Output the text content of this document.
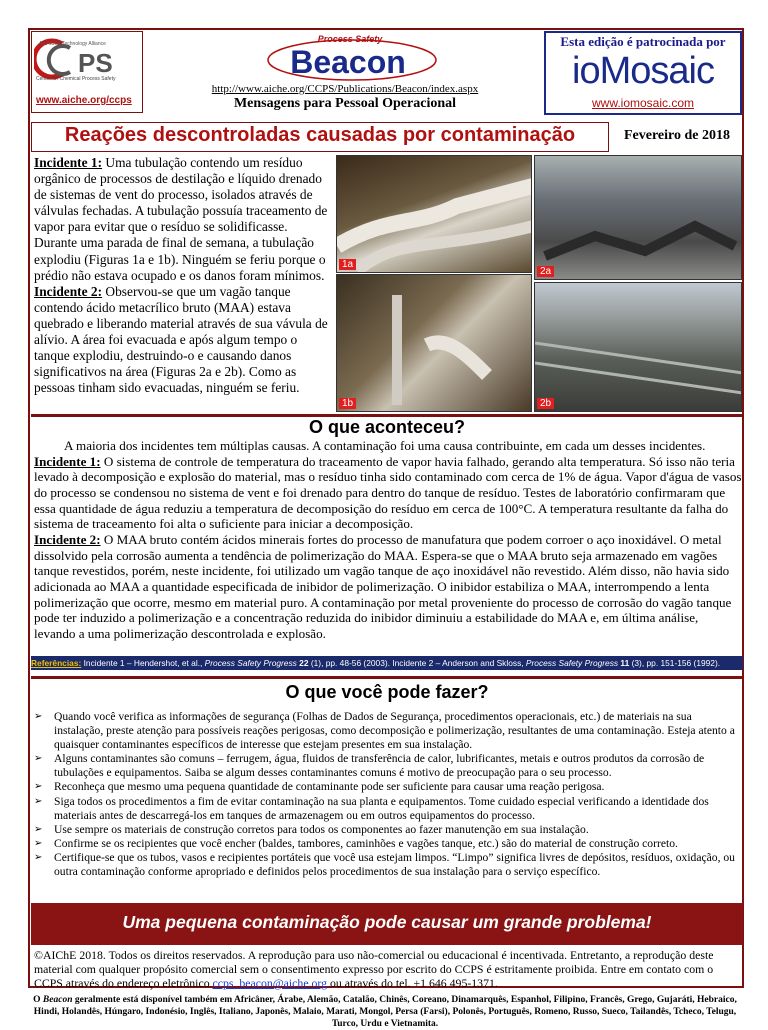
PS
An AIChE Technology Alliance
Center for Chemical Process Safety
www.aiche.org/ccps
Process Safety
Beacon
http://www.aiche.org/CCPS/Publications/Beacon/index.aspx
Mensagens para Pessoal Operacional
Esta edição é patrocinada por
ioMosaic
www.iomosaic.com
Reações descontroladas causadas por contaminação	Fevereiro de 2018
Incidente 1: Uma tubulação contendo um resíduo orgânico de processos de destilação e líquido drenado de sistemas de vent do processo, isolados através de válvulas fechadas. A tubulação possuía traceamento de vapor para evitar que o resíduo se solidificasse. Durante uma parada de final de semana, a tubulação explodiu (Figuras 1a e 1b). Ninguém se feriu porque o prédio não estava ocupado e os danos foram mínimos.
Incidente 2: Observou-se que um vagão tanque contendo ácido metacrílico bruto (MAA) estava quebrado e liberando material através de sua vávula de alívio. A área foi evacuada e após algum tempo o tanque explodiu, destruindo-o e causando danos significativos na área (Figuras 2a e 2b). Como as pessoas tinham sido evacuadas, ninguém se feriu.
1a
2a
1b	2b
O que aconteceu?
A maioria dos incidentes tem múltiplas causas. A contaminação foi uma causa contribuinte, em cada um desses incidentes.
Incidente 1: O sistema de controle de temperatura do traceamento de vapor havia falhado, gerando alta temperatura. Só isso não teria levado à decomposição e explosão do material, mas o resíduo tinha sido contaminado com cerca de 1% de água. Vapor d'água de vasos do processo se condensou no sistema de vent e foi drenado para dentro do tanque de resíduo. Testes de laboratório confirmaram que essa quantidade de água reduziu a temperatura de decomposição do resíduo em cerca de 100°C. A temperatura resultante da falha do sistema de traceamento foi alta o suficiente para iniciar a decomposição.
Incidente 2: O MAA bruto contém ácidos minerais fortes do processo de manufatura que podem corroer o aço inoxidável. O metal dissolvido pela corrosão aumenta a tendência de polimerização do MAA. Espera-se que o MAA bruto seja armazenado em vagões tanque revestidos, porém, neste incidente, foi utilizado um vagão tanque de aço inoxidável não revestido. Além disso, não havia sido adicionada ao MAA a quantidade especificada de inibidor de polimerização. O inibidor estabiliza o MAA, interrompendo a lenta polimerização que ocorre, mesmo em material puro. A contaminação por metal proveniente do processo de corrosão do vagão tanque pode ter induzido a polimerização e a concentração reduzida do inibidor diminuiu a estabilidade do MAA e, em última análise, levando a uma polimerização descontrolada e explosão.
Referências: Incidente 1 – Hendershot, et al., Process Safety Progress 22 (1), pp. 48-56 (2003). Incidente 2 – Anderson and Skloss, Process Safety Progress 11 (3), pp. 151-156 (1992).
O que você pode fazer?
➢ Quando você verifica as informações de segurança (Folhas de Dados de Segurança, procedimentos operacionais, etc.) de materiais na sua instalação, preste atenção para possíveis reações perigosas, como decomposição e polimerização, resultantes de uma contaminação. Esteja atento a quaisquer contaminantes específicos de interesse que estejam presentes em sua instalação.
➢ Alguns contaminantes são comuns – ferrugem, água, fluidos de transferência de calor, lubrificantes, metais e outros produtos da corrosão de tubulações e equipamentos. Saiba se algum desses contaminantes comuns é motivo de preocupação para o seu processo.
➢ Reconheça que mesmo uma pequena quantidade de contaminante pode ser suficiente para causar uma reação perigosa.
➢ Siga todos os procedimentos a fim de evitar contaminação na sua planta e equipamentos. Tome cuidado especial verificando a identidade dos materiais antes de descarregá-los em tanques de armazenagem ou em outros equipamentos do processo.
➢ Use sempre os materiais de construção corretos para todos os componentes ao fazer manutenção em sua instalação.
➢ Confirme se os recipientes que você encher (baldes, tambores, caminhões e vagões tanque, etc.) são do material de construção correto.
➢ Certifique-se que os tubos, vasos e recipientes portáteis que você usa estejam limpos. “Limpo” significa livres de depósitos, resíduos, oxidação, ou outra contaminação conforme apropriado e definidos pelos procedimentos de sua instalação para o serviço específico.
Uma pequena contaminação pode causar um grande problema!
©AIChE 2018. Todos os direitos reservados. A reprodução para uso não-comercial ou educacional é incentivada. Entretanto, a reprodução deste material com qualquer propósito comercial sem o consentimento expresso por escrito do CCPS é estritamente proibida. Entre em contato com o CCPS através do endereço eletrônico ccps_beacon@aiche.org ou através do tel. +1 646 495-1371.
O Beacon geralmente está disponível também em Africâner, Árabe, Alemão, Catalão, Chinês, Coreano, Dinamarquês, Espanhol, Filipino, Francês, Grego, Gujaráti, Hebraico, Hindi, Holandês, Húngaro, Indonésio, Inglês, Italiano, Japonês, Malaio, Marati, Mongol, Persa (Farsi), Polonês, Português, Romeno, Russo, Sueco, Tailandês, Tcheco, Telugu, Turco, Urdu e Vietnamita.
